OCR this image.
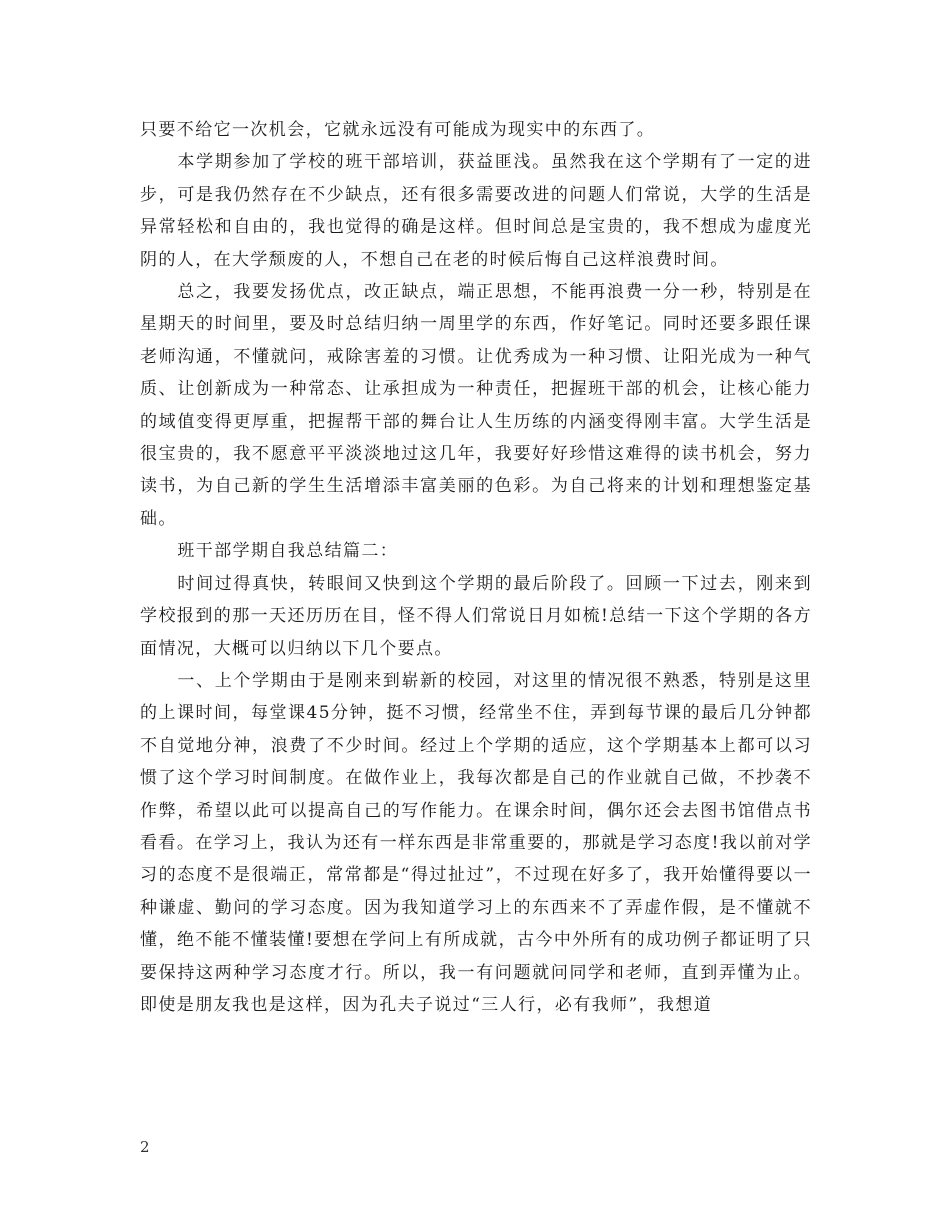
只要不给它一次机会，它就永远没有可能成为现实中的东西了。

本学期参加了学校的班干部培训，获益匪浅。虽然我在这个学期有了一定的进步，可是我仍然存在不少缺点，还有很多需要改进的问题人们常说，大学的生活是异常轻松和自由的，我也觉得的确是这样。但时间总是宝贵的，我不想成为虚度光阴的人，在大学颓废的人，不想自己在老的时候后悔自己这样浪费时间。

总之，我要发扬优点，改正缺点，端正思想，不能再浪费一分一秒，特别是在星期天的时间里，要及时总结归纳一周里学的东西，作好笔记。同时还要多跟任课老师沟通，不懂就问，戒除害羞的习惯。让优秀成为一种习惯、让阳光成为一种气质、让创新成为一种常态、让承担成为一种责任，把握班干部的机会，让核心能力的域值变得更厚重，把握帮干部的舞台让人生历练的内涵变得刚丰富。大学生活是很宝贵的，我不愿意平平淡淡地过这几年，我要好好珍惜这难得的读书机会，努力读书，为自己新的学生生活增添丰富美丽的色彩。为自己将来的计划和理想鉴定基础。

班干部学期自我总结篇二：

时间过得真快，转眼间又快到这个学期的最后阶段了。回顾一下过去，刚来到学校报到的那一天还历历在目，怪不得人们常说日月如梳!总结一下这个学期的各方面情况，大概可以归纳以下几个要点。

一、上个学期由于是刚来到崭新的校园，对这里的情况很不熟悉，特别是这里的上课时间，每堂课45分钟，挺不习惯，经常坐不住，弄到每节课的最后几分钟都不自觉地分神，浪费了不少时间。经过上个学期的适应，这个学期基本上都可以习惯了这个学习时间制度。在做作业上，我每次都是自己的作业就自己做，不抄袭不作弊，希望以此可以提高自己的写作能力。在课余时间，偶尔还会去图书馆借点书看看。在学习上，我认为还有一样东西是非常重要的，那就是学习态度!我以前对学习的态度不是很端正，常常都是“得过扯过”，不过现在好多了，我开始懂得要以一种谦虚、勤问的学习态度。因为我知道学习上的东西来不了弄虚作假，是不懂就不懂，绝不能不懂装懂!要想在学问上有所成就，古今中外所有的成功例子都证明了只要保持这两种学习态度才行。所以，我一有问题就问同学和老师，直到弄懂为止。即使是朋友我也是这样，因为孔夫子说过“三人行，必有我师”，我想道

2
